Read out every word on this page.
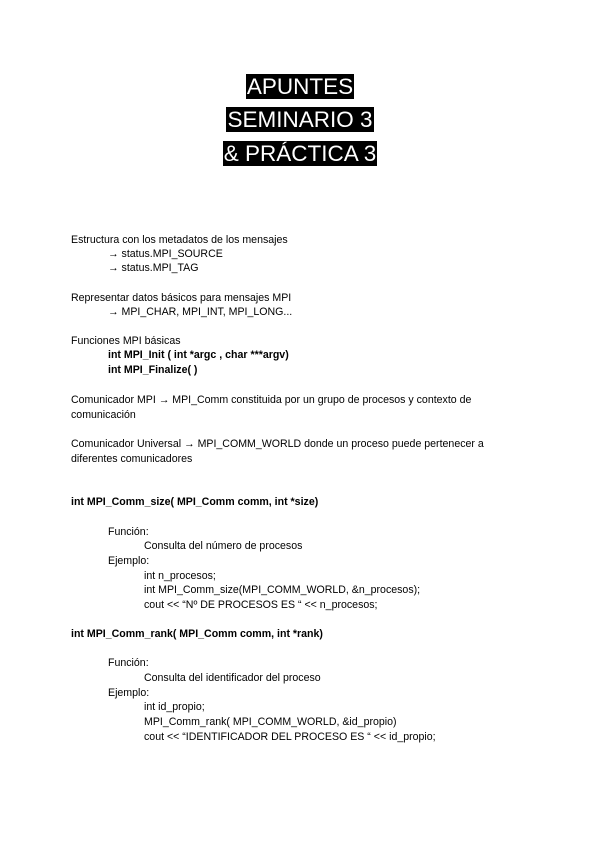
APUNTES
SEMINARIO 3
& PRÁCTICA 3
Estructura con los metadatos de los mensajes
→ status.MPI_SOURCE
→ status.MPI_TAG
Representar datos básicos para mensajes MPI
→ MPI_CHAR, MPI_INT, MPI_LONG...
Funciones MPI básicas
int MPI_Init ( int *argc , char ***argv)
int MPI_Finalize( )
Comunicador MPI → MPI_Comm constituida por un grupo de procesos y contexto de
comunicación
Comunicador Universal → MPI_COMM_WORLD donde un proceso puede pertenecer a
diferentes comunicadores
int MPI_Comm_size( MPI_Comm comm, int *size)
Función:
Consulta del número de procesos
Ejemplo:
int n_procesos;
int MPI_Comm_size(MPI_COMM_WORLD, &n_procesos);
cout << “Nº DE PROCESOS ES “ << n_procesos;
int MPI_Comm_rank( MPI_Comm comm, int *rank)
Función:
Consulta del identificador del proceso
Ejemplo:
int id_propio;
MPI_Comm_rank( MPI_COMM_WORLD, &id_propio)
cout << “IDENTIFICADOR DEL PROCESO ES “ << id_propio;
